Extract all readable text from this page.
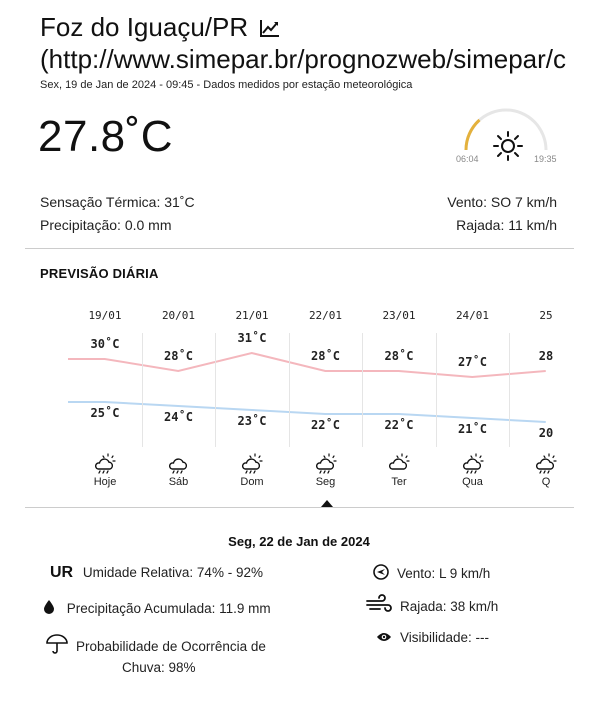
Foz do Iguaçu/PR
(http://www.simepar.br/prognozweb/simepar/c
Sex, 19 de Jan de 2024 - 09:45 - Dados medidos por estação meteorológica
27.8˚C	06:04	19:35
Sensação Térmica: 31˚C
Precipitação: 0.0 mm
Vento: SO 7 km/h
Rajada: 11 km/h
PREVISÃO DIÁRIA
19/01
30˚C
25˚C
Hoje
20/01
28˚C
24˚C
Sáb
21/01
31˚C
23˚C
Dom
22/01
28˚C
22˚C
Seg
23/01
28˚C
22˚C
Ter
24/01
27˚C
21˚C
Qua
25
28
20
Q
Seg, 22 de Jan de 2024
UR Umidade Relativa: 74% - 92%
Precipitação Acumulada: 11.9 mm
Probabilidade de Ocorrência de
Chuva: 98%
Vento: L 9 km/h
Rajada: 38 km/h
Visibilidade: ---
